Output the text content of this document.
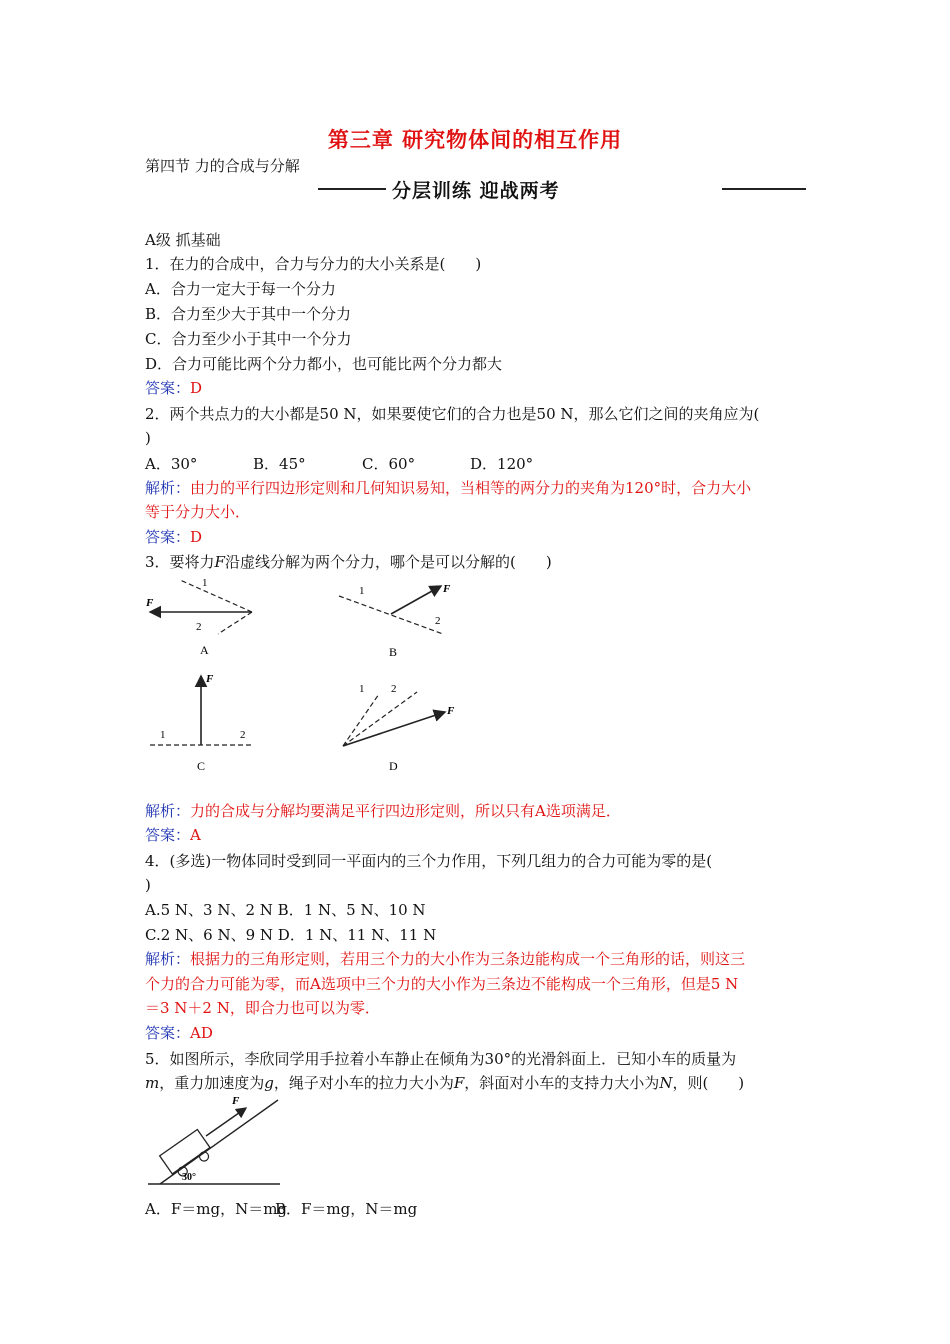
第三章 研究物体间的相互作用
第四节 力的合成与分解
分层训练 迎战两考
A级 抓基础
1．在力的合成中，合力与分力的大小关系是(　　)
A．合力一定大于每一个分力
B．合力至少大于其中一个分力
C．合力至少小于其中一个分力
D．合力可能比两个分力都小，也可能比两个分力都大
答案：D
2．两个共点力的大小都是50 N，如果要使它们的合力也是50 N，那么它们之间的夹角应为(
)
A．30°	B．45°	C．60°	D．120°
解析：由力的平行四边形定则和几何知识易知，当相等的两分力的夹角为120°时，合力大小
等于分力大小．
答案：D
3．要将力F沿虚线分解为两个分力，哪个是可以分解的(　　)
F
1
2
A
F
1
2
B
F
1	2
C
F
1 2
D
解析：力的合成与分解均要满足平行四边形定则，所以只有A选项满足．
答案：A
4．(多选)一物体同时受到同一平面内的三个力作用，下列几组力的合力可能为零的是(
)
A.5 N、3 N、2 N B．1 N、5 N、10 N
C.2 N、6 N、9 N D．1 N、11 N、11 N
解析：根据力的三角形定则，若用三个力的大小作为三条边能构成一个三角形的话，则这三
个力的合力可能为零，而A选项中三个力的大小作为三条边不能构成一个三角形，但是5 N
＝3 N＋2 N，即合力也可以为零．
答案：AD
5．如图所示，李欣同学用手拉着小车静止在倾角为30°的光滑斜面上．已知小车的质量为
m，重力加速度为g，绳子对小车的拉力大小为F，斜面对小车的支持力大小为N，则(　　)
F
30°
A．F＝mg，N＝mg
B．F＝mg，N＝mg
